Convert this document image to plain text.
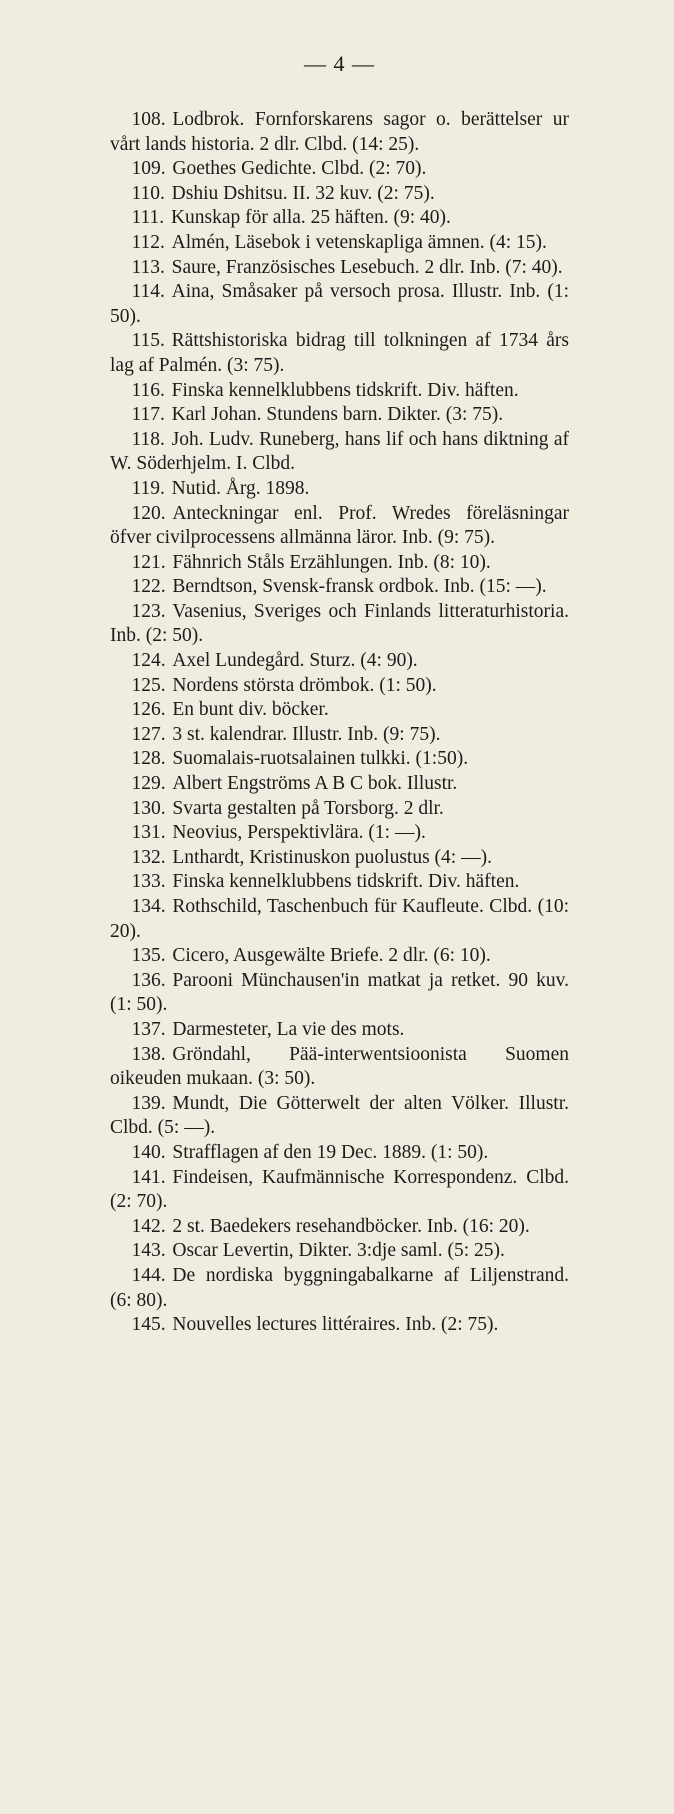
— 4 —

108. Lodbrok. Fornforskarens sagor o. berättelser ur vårt lands historia. 2 dlr. Clbd. (14: 25).

109. Goethes Gedichte. Clbd. (2: 70).

110. Dshiu Dshitsu. II. 32 kuv. (2: 75).

111. Kunskap för alla. 25 häften. (9: 40).

112. Almén, Läsebok i vetenskapliga ämnen. (4: 15).

113. Saure, Französisches Lesebuch. 2 dlr. Inb. (7: 40).

114. Aina, Småsaker på versoch prosa. Illustr. Inb. (1: 50).

115. Rättshistoriska bidrag till tolkningen af 1734 års lag af Palmén. (3: 75).

116. Finska kennelklubbens tidskrift. Div. häften.

117. Karl Johan. Stundens barn. Dikter. (3: 75).

118. Joh. Ludv. Runeberg, hans lif och hans diktning af W. Söderhjelm. I. Clbd.

119. Nutid. Årg. 1898.

120. Anteckningar enl. Prof. Wredes föreläsningar öfver civilprocessens allmänna läror. Inb. (9: 75).

121. Fähnrich Ståls Erzählungen. Inb. (8: 10).

122. Berndtson, Svensk-fransk ordbok. Inb. (15: —).

123. Vasenius, Sveriges och Finlands litteraturhistoria. Inb. (2: 50).

124. Axel Lundegård. Sturz. (4: 90).

125. Nordens största drömbok. (1: 50).

126. En bunt div. böcker.

127. 3 st. kalendrar. Illustr. Inb. (9: 75).

128. Suomalais-ruotsalainen tulkki. (1:50).

129. Albert Engströms A B C bok. Illustr.

130. Svarta gestalten på Torsborg. 2 dlr.

131. Neovius, Perspektivlära. (1: —).

132. Lnthardt, Kristinuskon puolustus (4: —).

133. Finska kennelklubbens tidskrift. Div. häften.

134. Rothschild, Taschenbuch für Kaufleute. Clbd. (10: 20).

135. Cicero, Ausgewälte Briefe. 2 dlr. (6: 10).

136. Parooni Münchausen'in matkat ja retket. 90 kuv. (1: 50).

137. Darmesteter, La vie des mots.

138. Gröndahl, Pää-interwentsioonista Suomen oikeuden mukaan. (3: 50).

139. Mundt, Die Götterwelt der alten Völker. Illustr. Clbd. (5: —).

140. Strafflagen af den 19 Dec. 1889. (1: 50).

141. Findeisen, Kaufmännische Korrespondenz. Clbd. (2: 70).

142. 2 st. Baedekers resehandböcker. Inb. (16: 20).

143. Oscar Levertin, Dikter. 3:dje saml. (5: 25).

144. De nordiska byggningabalkarne af Liljenstrand. (6: 80).

145. Nouvelles lectures littéraires. Inb. (2: 75).
